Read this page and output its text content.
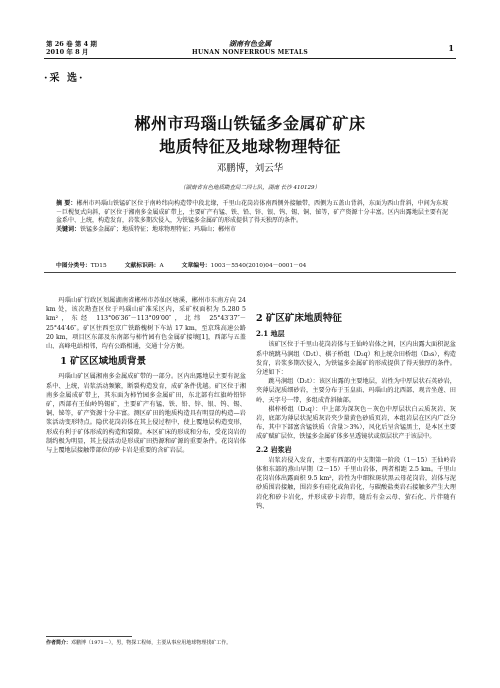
第 26 卷 第 4 期
2010 年 8 月
湖南有色金属
HUNAN NONFERROUS METALS	1
·采 选·
郴州市玛瑙山铁锰多金属矿矿床
地质特征及地球物理特征
邓鹏博，刘云华
（湖南省有色地质勘查局二四七队，湖南 长沙 410129）
摘 要：郴州市玛瑙山铁锰矿区位于南岭纬向构造带中段北缘，千里山花岗岩体南西侧外接触带，西侧为五盖山背斜，东面为西山背斜，中间为东坡－巨枧复式向斜，矿区位于湘南多金属成矿带上，主要矿产有锰、铁、铅、锌、银、钨、锡、铜、铋等，矿产资源十分丰富。区内出露地层主要有泥盆系中、上统，构造发育，岩浆多期次侵入，为铁锰多金属矿的形成提供了得天独厚的条件。
关键词：铁锰多金属矿；地质特征；地球物理特征；玛瑙山；郴州市
中图分类号：TD15	文献标识码：A	文章编号：1003－5540(2010)04－0001－04

玛瑙山矿行政区划属湖南省郴州市苏仙区塘溪，郴州市东南方向 24 km 处，该次勘查区位于玛瑙山矿准采区内，采矿权面积为 5.280 5 km²，东经 113°06′36″－113°09′00″，北纬 25°43′37″－25°44′46″。矿区往西至京广铁路槐树下车站 17 km，至京珠高速公路 20 km，项目区东部及东南部与柿竹园有色金属矿接壤[1]，西部与五盖山、高峰电站相邻，均有公路相通，交通十分方便。

1 矿区区域地质背景

玛瑙山矿区属湘南多金属成矿带的一部分。区内出露地层主要有泥盆系中、上统，岩浆活动频繁，断裂构造发育，成矿条件优越。矿区位于湘南多金属成矿带上，其东面为柿竹园多金属矿田，东北部有红旗岭铅锌矿，西部有王仙岭钨锡矿，主要矿产有锰、铁、铅、锌、银、钨、锡、铜、铋等，矿产资源十分丰富。测区矿田的地质构造具有明显的构造—岩浆活动变形特点。隐伏花岗岩体在其上侵过程中，使上覆地层构造变形，形成有利于矿体形成的构造和裂隙。本区矿床的形成和分布，受花岗岩的制约极为明显，其上侵活动是形成矿田热源和矿源的重要条件。花岗岩体与上覆地层接触带部位的矽卡岩是重要的含矿岩层。

2 矿区矿床地质特征
2.1 地层

该矿区位于千里山花岗岩体与王仙岭岩体之间，区内出露大面积泥盆系中统跳马涧组（D₂t）、棋子桥组（D₂q）和上统佘田桥组（D₃s），构造发育，岩浆多期次侵入，为铁锰多金属矿的形成提供了得天独厚的条件。分述如下：

跳马涧组（D₂t）：该区出露的主要地层，岩性为中厚层状石英砂岩，夹薄层泥质细砂岩，主要分布于玉皇庙、玛瑙山的北西部、观音坐莲、田岭、天字号一带，多组成背斜轴部。

棋梓桥组（D₂q）：中上部为深灰色－灰色中厚层状白云质灰岩、灰岩，底部为薄层状泥质灰岩夹少量黄色砂质页岩，本组岩层在区内广泛分布，其中下部富含锰铁质（含量＞3%），风化后呈含锰黑土，是本区主要成矿赋矿层位，铁锰多金属矿体多呈透镜状或似层状产于该层中。

2.2 岩浆岩

岩浆岩侵入发育，主要有西部的中支期第一阶段（1－15）王仙岭岩体和东部的燕山早期（2－15）千里山岩体，两者相距 2.5 km。千里山花岗岩体出露面积 9.5 km²，岩性为中细粒斑状黑云母花岗岩，岩体与泥砂质围岩接触，围岩多有硅化或角岩化，与碳酸盐类岩石接触多产生大理岩化和矽卡岩化，并形成矽卡岩带，随后有金云母、萤石化、片伴随有钨、

作者简介：邓鹏博（1971－），男，物探工程师，主要从事应用地球物理找矿工作。
